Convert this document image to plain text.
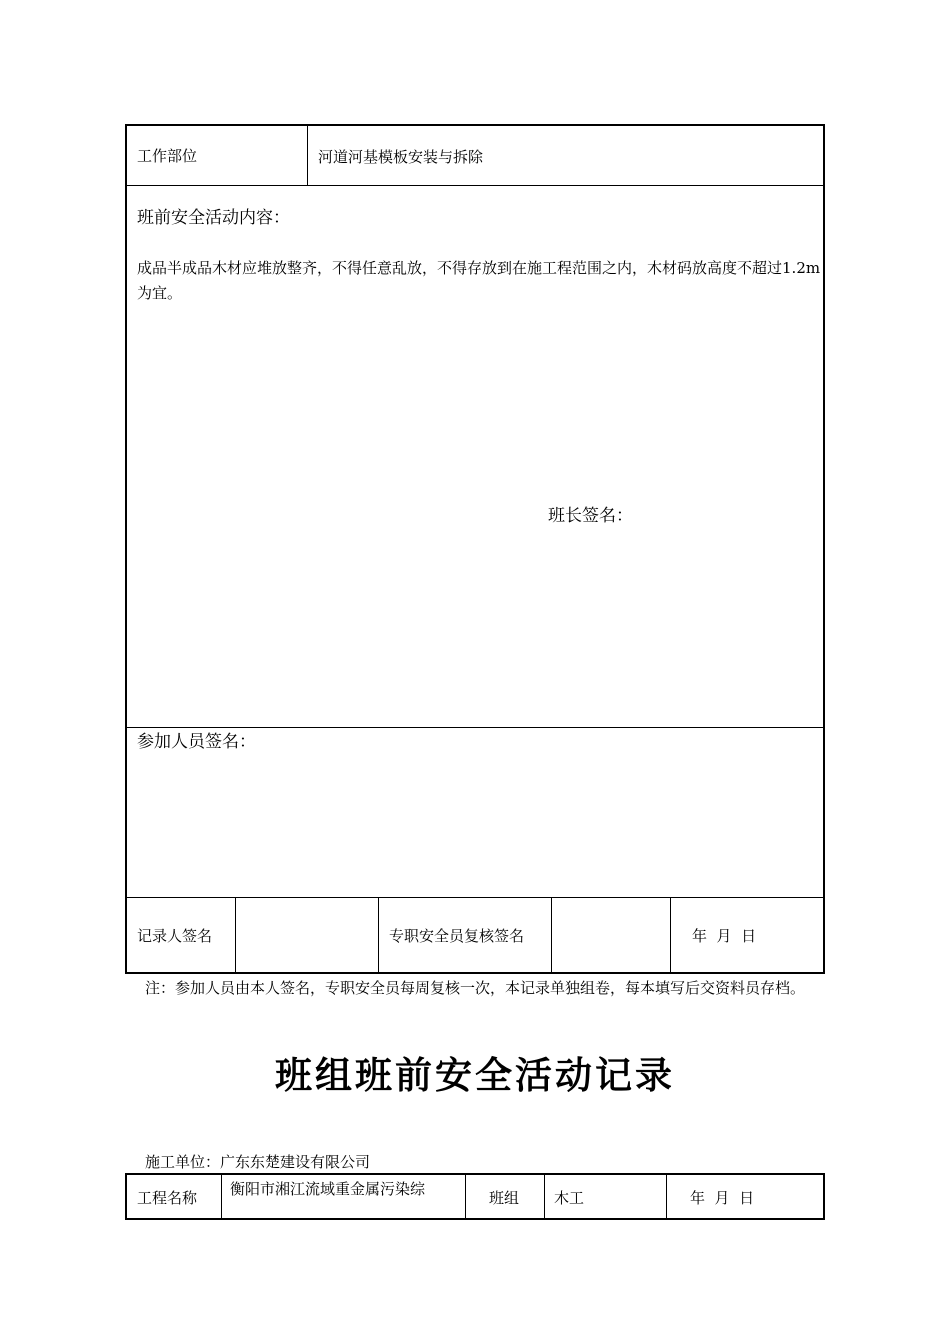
工作部位	河道河基模板安装与拆除
班前安全活动内容：
成品半成品木材应堆放整齐，不得任意乱放，不得存放到在施工程范围之内，木材码放高度不超过1.2m为宜。
班长签名：
参加人员签名：
记录人签名	专职安全员复核签名	年  月  日
注：参加人员由本人签名，专职安全员每周复核一次，本记录单独组卷，每本填写后交资料员存档。
班组班前安全活动记录
施工单位：广东东楚建设有限公司
工程名称 衡阳市湘江流域重金属污染综	班组 木工	年  月  日
